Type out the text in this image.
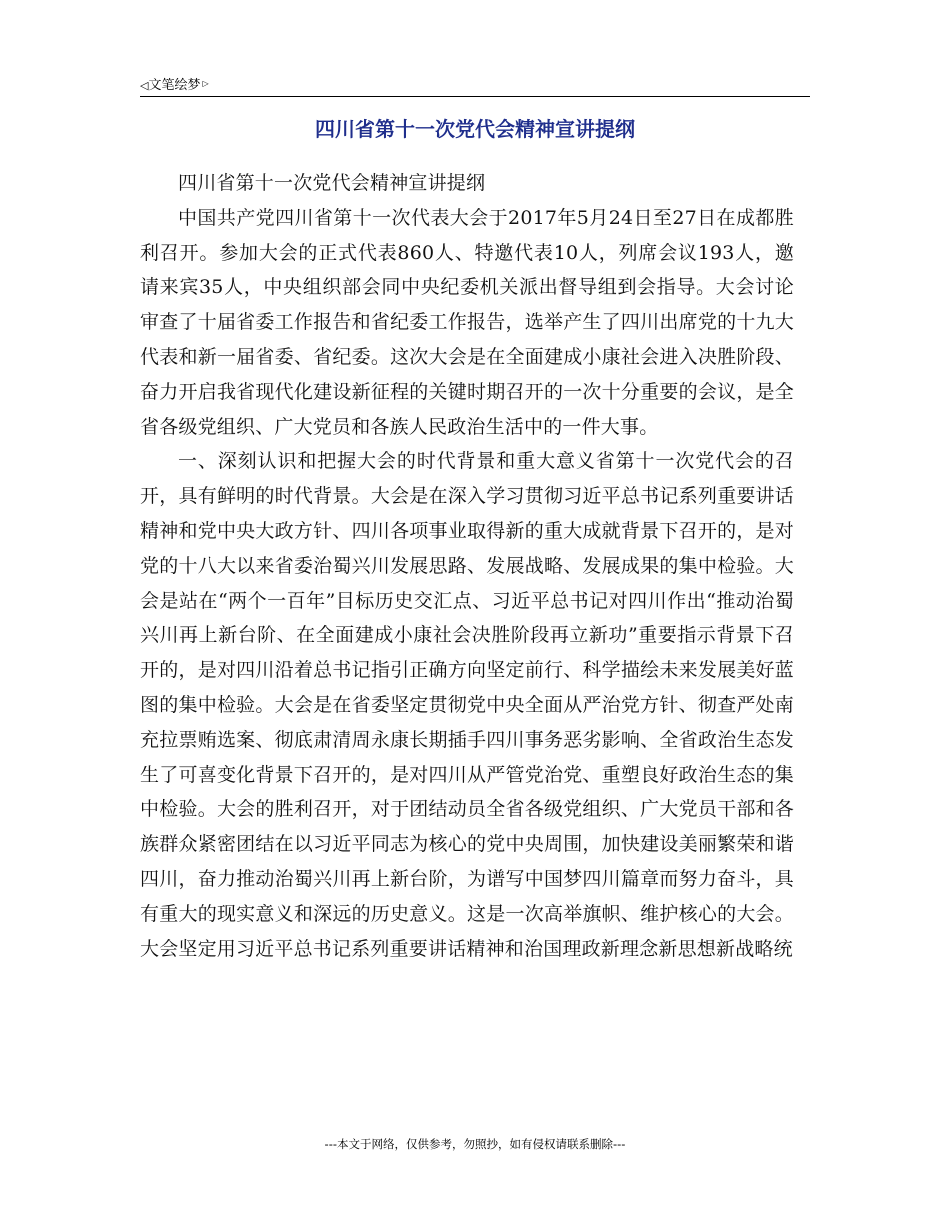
◁文笔绘梦 ▷
四川省第十一次党代会精神宣讲提纲

四川省第十一次党代会精神宣讲提纲

中国共产党四川省第十一次代表大会于2017年5月24日至27日在成都胜利召开。参加大会的正式代表860人、特邀代表10人，列席会议193人，邀请来宾35人，中央组织部会同中央纪委机关派出督导组到会指导。大会讨论审查了十届省委工作报告和省纪委工作报告，选举产生了四川出席党的十九大代表和新一届省委、省纪委。这次大会是在全面建成小康社会进入决胜阶段、奋力开启我省现代化建设新征程的关键时期召开的一次十分重要的会议，是全省各级党组织、广大党员和各族人民政治生活中的一件大事。

一、深刻认识和把握大会的时代背景和重大意义省第十一次党代会的召开，具有鲜明的时代背景。大会是在深入学习贯彻习近平总书记系列重要讲话精神和党中央大政方针、四川各项事业取得新的重大成就背景下召开的，是对党的十八大以来省委治蜀兴川发展思路、发展战略、发展成果的集中检验。大会是站在“两个一百年”目标历史交汇点、习近平总书记对四川作出“推动治蜀兴川再上新台阶、在全面建成小康社会决胜阶段再立新功”重要指示背景下召开的，是对四川沿着总书记指引正确方向坚定前行、科学描绘未来发展美好蓝图的集中检验。大会是在省委坚定贯彻党中央全面从严治党方针、彻查严处南充拉票贿选案、彻底肃清周永康长期插手四川事务恶劣影响、全省政治生态发生了可喜变化背景下召开的，是对四川从严管党治党、重塑良好政治生态的集中检验。大会的胜利召开，对于团结动员全省各级党组织、广大党员干部和各族群众紧密团结在以习近平同志为核心的党中央周围，加快建设美丽繁荣和谐四川，奋力推动治蜀兴川再上新台阶，为谱写中国梦四川篇章而努力奋斗，具有重大的现实意义和深远的历史意义。这是一次高举旗帜、维护核心的大会。大会坚定用习近平总书记系列重要讲话精神和治国理政新理念新思想新战略统

---本文于网络，仅供参考，勿照抄，如有侵权请联系删除---
